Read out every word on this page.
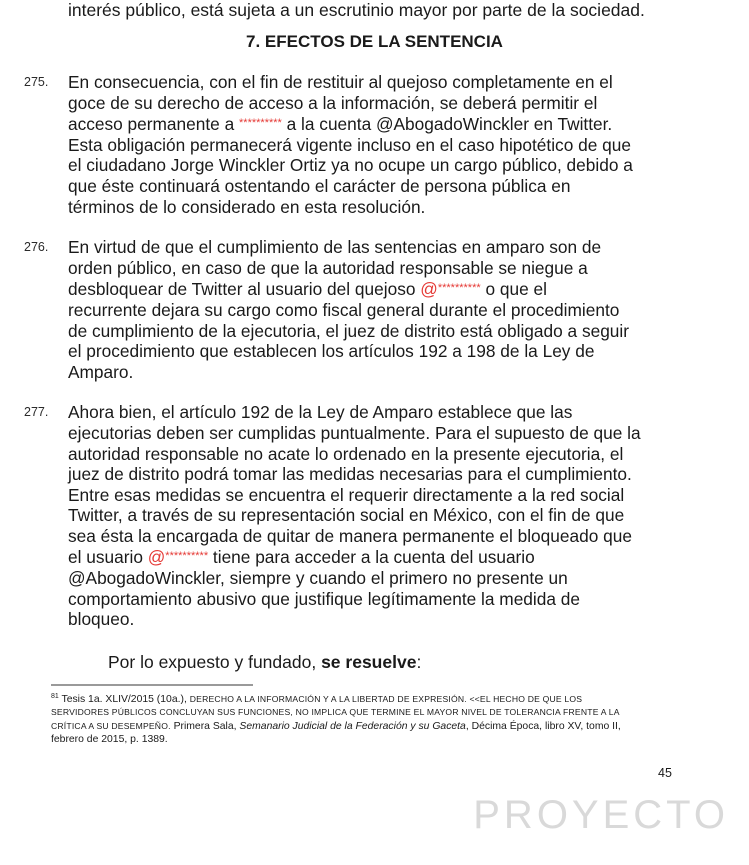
interés público, está sujeta a un escrutinio mayor por parte de la sociedad.
7. EFECTOS DE LA SENTENCIA
275. En consecuencia, con el fin de restituir al quejoso completamente en el
goce de su derecho de acceso a la información, se deberá permitir el
acceso permanente a ********** a la cuenta @AbogadoWinckler en Twitter.
Esta obligación permanecerá vigente incluso en el caso hipotético de que
el ciudadano Jorge Winckler Ortiz ya no ocupe un cargo público, debido a
que éste continuará ostentando el carácter de persona pública en
términos de lo considerado en esta resolución.
276. En virtud de que el cumplimiento de las sentencias en amparo son de
orden público, en caso de que la autoridad responsable se niegue a
desbloquear de Twitter al usuario del quejoso @********** o que el
recurrente dejara su cargo como fiscal general durante el procedimiento
de cumplimiento de la ejecutoria, el juez de distrito está obligado a seguir
el procedimiento que establecen los artículos 192 a 198 de la Ley de
Amparo.
277. Ahora bien, el artículo 192 de la Ley de Amparo establece que las
ejecutorias deben ser cumplidas puntualmente. Para el supuesto de que la
autoridad responsable no acate lo ordenado en la presente ejecutoria, el
juez de distrito podrá tomar las medidas necesarias para el cumplimiento.
Entre esas medidas se encuentra el requerir directamente a la red social
Twitter, a través de su representación social en México, con el fin de que
sea ésta la encargada de quitar de manera permanente el bloqueado que
el usuario @********** tiene para acceder a la cuenta del usuario
@AbogadoWinckler, siempre y cuando el primero no presente un
comportamiento abusivo que justifique legítimamente la medida de
bloqueo.
Por lo expuesto y fundado, se resuelve:
$^{81}$ Tesis 1a. XLIV/2015 (10a.), DERECHO A LA INFORMACIÓN Y A LA LIBERTAD DE EXPRESIÓN. <<EL HECHO DE QUE LOS
SERVIDORES PÚBLICOS CONCLUYAN SUS FUNCIONES, NO IMPLICA QUE TERMINE EL MAYOR NIVEL DE TOLERANCIA FRENTE A LA
CRÍTICA A SU DESEMPEÑO. Primera Sala, Semanario Judicial de la Federación y su Gaceta, Décima Época, libro XV, tomo II,
febrero de 2015, p. 1389.
45
PROYECTO
